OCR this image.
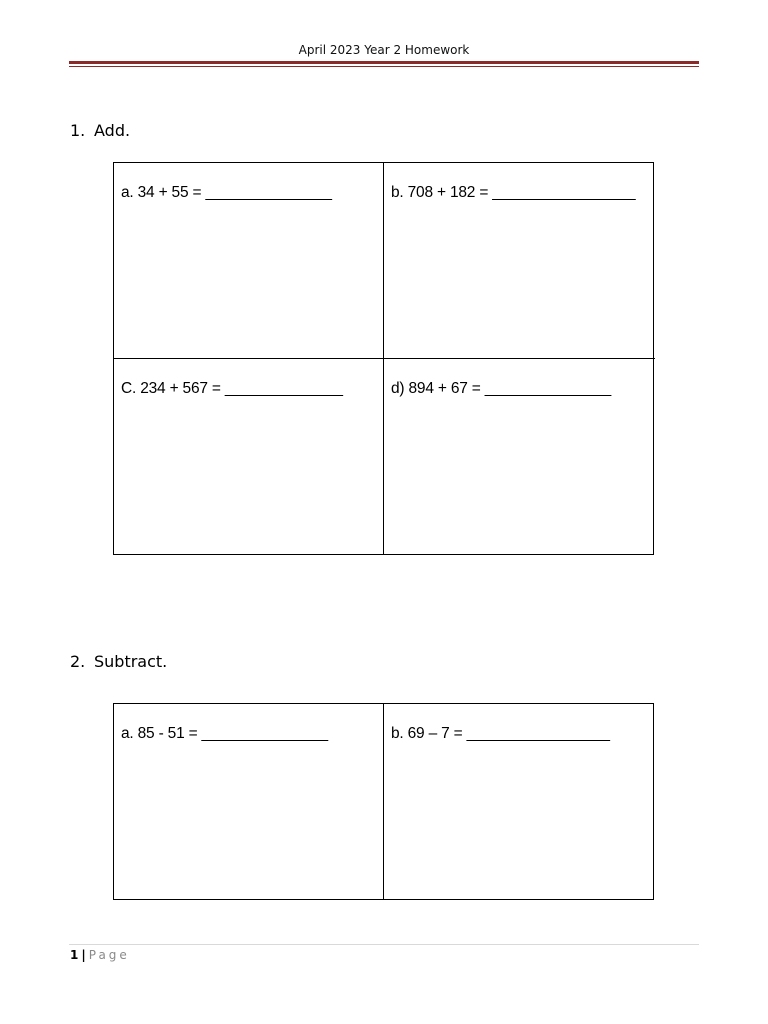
April 2023 Year 2 Homework
1. Add.
a. 34 + 55 = _______________	b. 708 + 182 = _________________
C. 234 + 567 = ______________	d) 894 + 67 = _______________
2. Subtract.
a. 85 - 51 = _______________	b. 69 – 7 = _________________
1 | Page
